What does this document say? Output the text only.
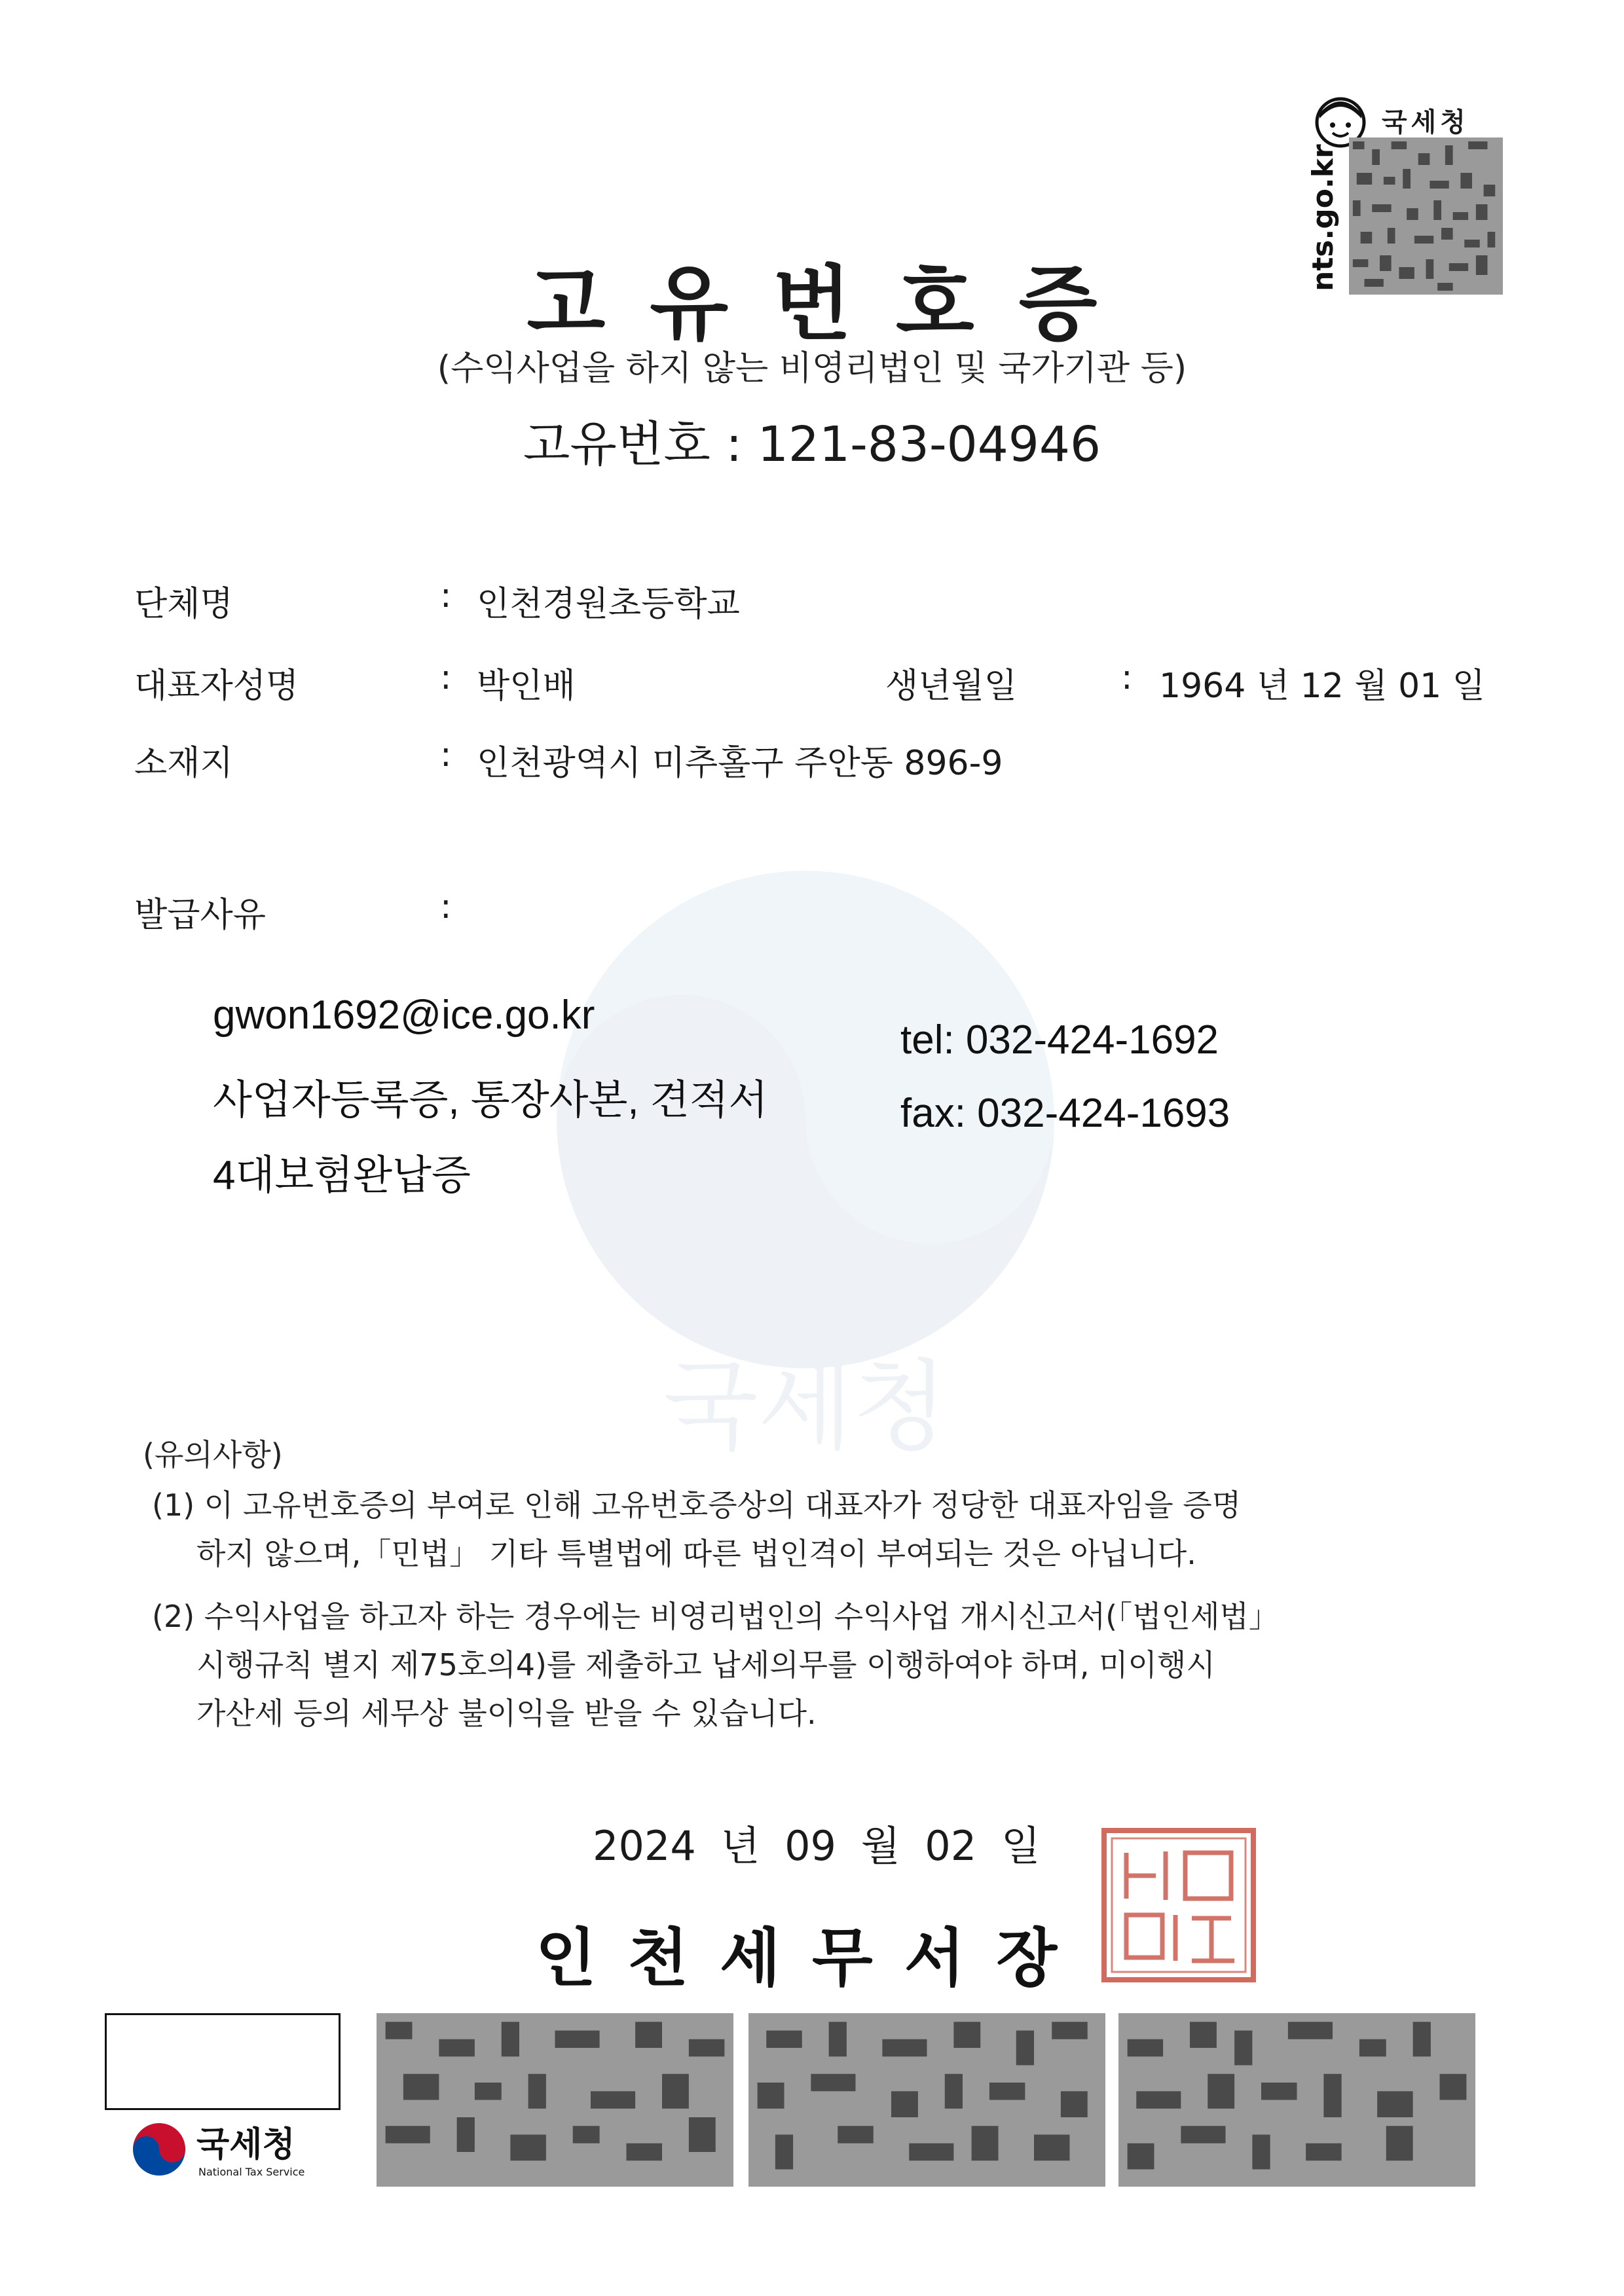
nts.go.kr
국세청
고유번호증
(수익사업을 하지 않는 비영리법인 및 국가기관 등)
고유번호 : 121-83-04946
국세청
단체명	: 인천경원초등학교
대표자성명	: 박인배	생년월일	: 1964 년 12 월 01 일
소재지	: 인천광역시 미추홀구 주안동 896-9
발급사유	:
gwon1692@ice.go.kr
사업자등록증, 통장사본, 견적서
4대보험완납증
tel: 032-424-1692
fax: 032-424-1693
(유의사항)
(1) 이 고유번호증의 부여로 인해 고유번호증상의 대표자가 정당한 대표자임을 증명
하지 않으며,「민법」 기타 특별법에 따른 법인격이 부여되는 것은 아닙니다.
(2) 수익사업을 하고자 하는 경우에는 비영리법인의 수익사업 개시신고서(「법인세법」
시행규칙 별지 제75호의4)를 제출하고 납세의무를 이행하여야 하며, 미이행시
가산세 등의 세무상 불이익을 받을 수 있습니다.
2024 년 09 월 02 일
인천세무서장
국세청
National Tax Service
